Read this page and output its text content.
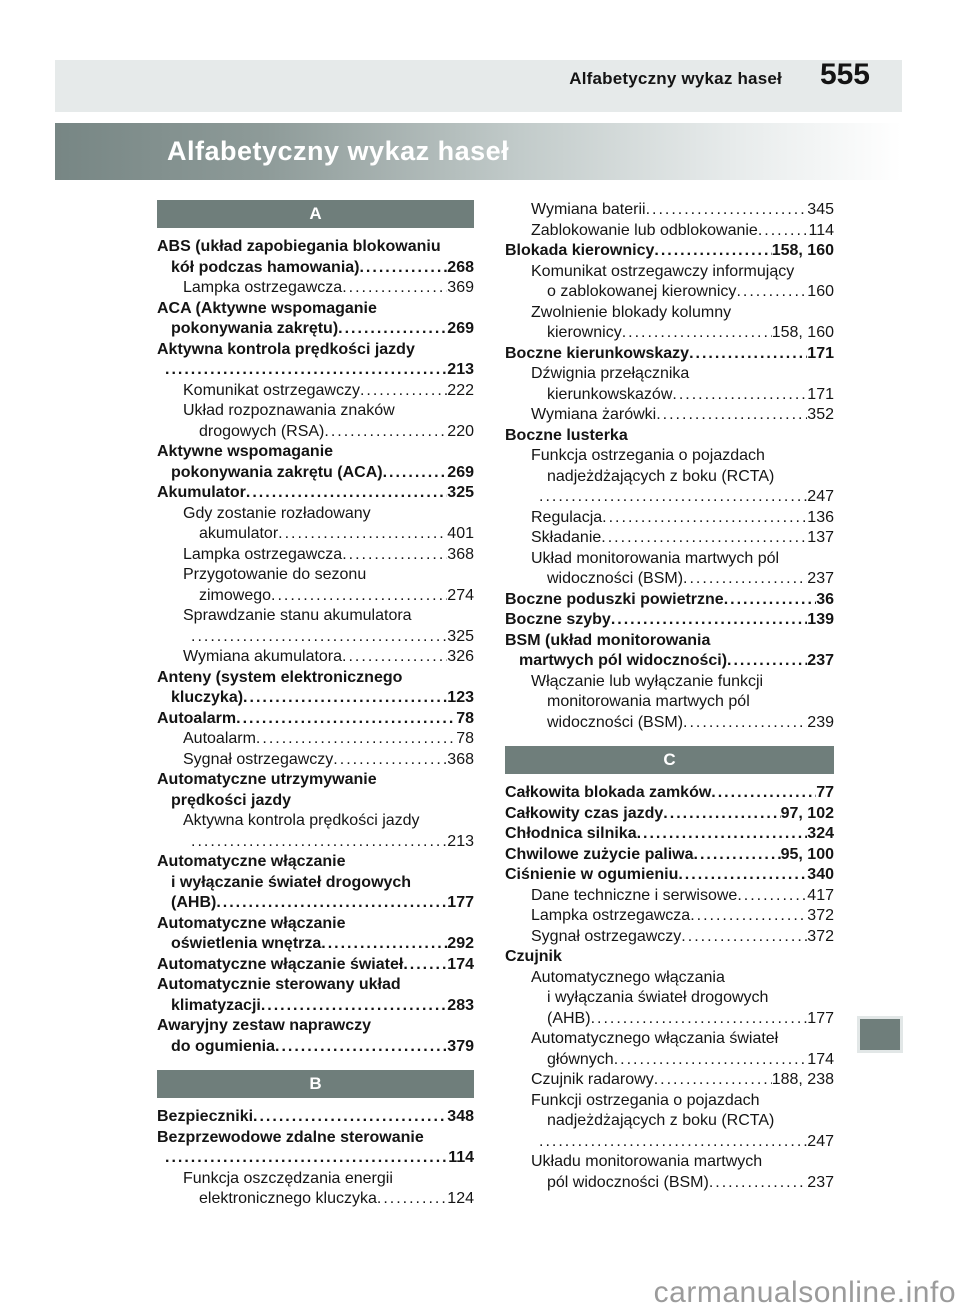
Alfabetyczny wykaz haseł 555
Alfabetyczny wykaz haseł
A
ABS (układ zapobiegania blokowaniu
kół podczas hamowania) .....	268
Lampka ostrzegawcza .....	369
ACA (Aktywne wspomaganie
pokonywania zakrętu) .....	269
Aktywna kontrola prędkości jazdy
.....
213
Komunikat ostrzegawczy .....	222
Układ rozpoznawania znaków
drogowych (RSA) .....	220
Aktywne wspomaganie
pokonywania zakrętu (ACA) .....	269
Akumulator .....	325
Gdy zostanie rozładowany
akumulator .....	401
Lampka ostrzegawcza .....	368
Przygotowanie do sezonu
zimowego .....	274
Sprawdzanie stanu akumulatora
.....
325
Wymiana akumulatora .....	326
Anteny (system elektronicznego
kluczyka) .....	123
Autoalarm .....	78
Autoalarm .....	78
Sygnał ostrzegawczy .....	368
Automatyczne utrzymywanie
prędkości jazdy
Aktywna kontrola prędkości jazdy
.....
213
Automatyczne włączanie
i wyłączanie świateł drogowych
(AHB) .....	177
Automatyczne włączanie
oświetlenia wnętrza .....	292
Automatyczne włączanie świateł .....	174
Automatycznie sterowany układ
klimatyzacji .....	283
Awaryjny zestaw naprawczy
do ogumienia .....	379
B
Bezpieczniki .....	348
Bezprzewodowe zdalne sterowanie
.....
114
Funkcja oszczędzania energii
elektronicznego kluczyka .....	124
Wymiana baterii .....	345
Zablokowanie lub odblokowanie .....	114
Blokada kierownicy .....	158, 160
Komunikat ostrzegawczy informujący
o zablokowanej kierownicy .....	160
Zwolnienie blokady kolumny
kierownicy .....	158, 160
Boczne kierunkowskazy .....	171
Dźwignia przełącznika
kierunkowskazów .....	171
Wymiana żarówki .....	352
Boczne lusterka
Funkcja ostrzegania o pojazdach
nadjeżdżających z boku (RCTA)
.....
247
Regulacja .....	136
Składanie .....	137
Układ monitorowania martwych pól
widoczności (BSM) .....	237
Boczne poduszki powietrzne .....	36
Boczne szyby .....	139
BSM (układ monitorowania
martwych pól widoczności) .....	237
Włączanie lub wyłączanie funkcji
monitorowania martwych pól
widoczności (BSM) .....	239
C
Całkowita blokada zamków .....	77
Całkowity czas jazdy .....	97, 102
Chłodnica silnika .....	324
Chwilowe zużycie paliwa .....	95, 100
Ciśnienie w ogumieniu .....	340
Dane techniczne i serwisowe .....	417
Lampka ostrzegawcza .....	372
Sygnał ostrzegawczy .....	372
Czujnik
Automatycznego włączania
i wyłączania świateł drogowych
(AHB) .....	177
Automatycznego włączania świateł
głównych .....	174
Czujnik radarowy .....	188, 238
Funkcji ostrzegania o pojazdach
nadjeżdżających z boku (RCTA)
.....
247
Układu monitorowania martwych
pól widoczności (BSM) .....	237
carmanualsonline.info
